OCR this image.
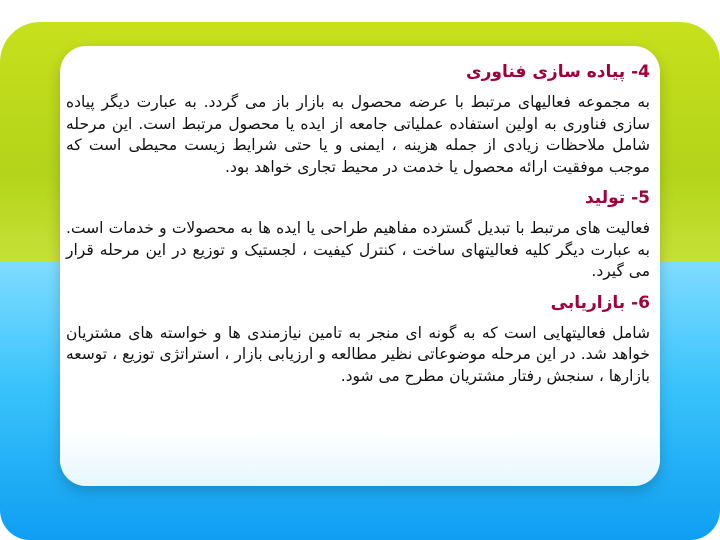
4- پیاده سازی فناوری
به مجموعه فعالیهای مرتبط با عرضه محصول به بازار باز می گردد. به عبارت دیگر پیاده سازی فناوری به اولین استفاده عملیاتی جامعه از ایده یا محصول مرتبط است. این مرحله شامل ملاحظات زیادی از جمله هزینه ، ایمنی و یا حتی شرایط زیست محیطی است که موجب موفقیت ارائه محصول یا خدمت در محیط تجاری خواهد بود.
5- تولید
فعالیت های مرتبط با تبدیل گسترده مفاهیم طراحی یا ایده ها به محصولات و خدمات است. به عبارت دیگر کلیه فعالیتهای ساخت ، کنترل کیفیت ، لجستیک و توزیع در این مرحله قرار می گیرد.
6- بازاریابی
شامل فعالیتهایی است که به گونه ای منجر به تامین نیازمندی ها و خواسته های مشتریان خواهد شد. در این مرحله موضوعاتی نظیر مطالعه و ارزیابی بازار ، استراتژی توزیع ، توسعه بازارها ، سنجش رفتار مشتریان مطرح می شود.
